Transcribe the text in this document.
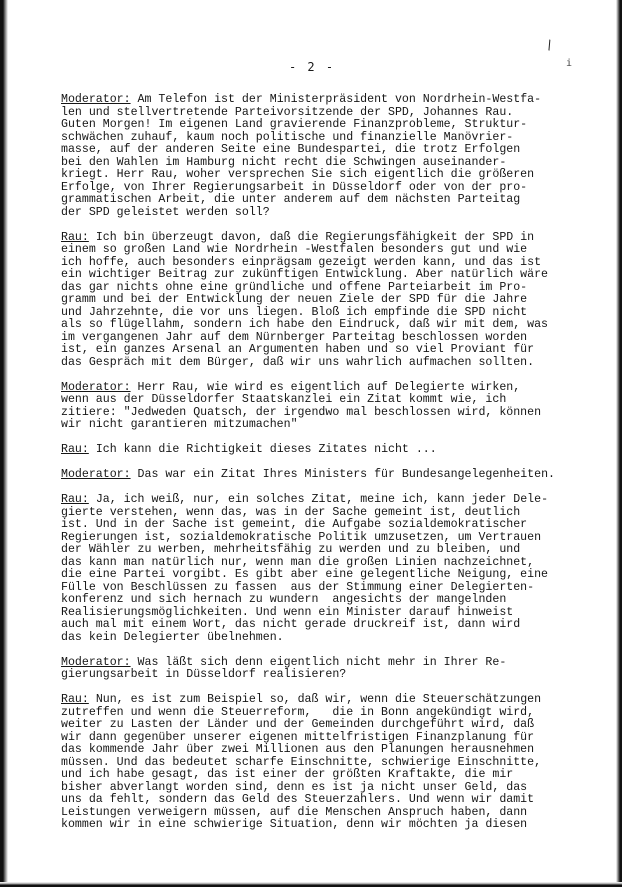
\
i
- 2 -
Moderator: Am Telefon ist der Ministerpräsident von Nordrhein-Westfa-
len und stellvertretende Parteivorsitzende der SPD, Johannes Rau.
Guten Morgen! Im eigenen Land gravierende Finanzprobleme, Struktur-
schwächen zuhauf, kaum noch politische und finanzielle Manövrier-
masse, auf der anderen Seite eine Bundespartei, die trotz Erfolgen
bei den Wahlen im Hamburg nicht recht die Schwingen auseinander-
kriegt. Herr Rau, woher versprechen Sie sich eigentlich die größeren
Erfolge, von Ihrer Regierungsarbeit in Düsseldorf oder von der pro-
grammatischen Arbeit, die unter anderem auf dem nächsten Parteitag
der SPD geleistet werden soll?
Rau: Ich bin überzeugt davon, daß die Regierungsfähigkeit der SPD in
einem so großen Land wie Nordrhein -Westfalen besonders gut und wie
ich hoffe, auch besonders einprägsam gezeigt werden kann, und das ist
ein wichtiger Beitrag zur zukünftigen Entwicklung. Aber natürlich wäre
das gar nichts ohne eine gründliche und offene Parteiarbeit im Pro-
gramm und bei der Entwicklung der neuen Ziele der SPD für die Jahre
und Jahrzehnte, die vor uns liegen. Bloß ich empfinde die SPD nicht
als so flügellahm, sondern ich habe den Eindruck, daß wir mit dem, was
im vergangenen Jahr auf dem Nürnberger Parteitag beschlossen worden
ist, ein ganzes Arsenal an Argumenten haben und so viel Proviant für
das Gespräch mit dem Bürger, daß wir uns wahrlich aufmachen sollten.
Moderator: Herr Rau, wie wird es eigentlich auf Delegierte wirken,
wenn aus der Düsseldorfer Staatskanzlei ein Zitat kommt wie, ich
zitiere: "Jedweden Quatsch, der irgendwo mal beschlossen wird, können
wir nicht garantieren mitzumachen"
Rau: Ich kann die Richtigkeit dieses Zitates nicht ...
Moderator: Das war ein Zitat Ihres Ministers für Bundesangelegenheiten.
Rau: Ja, ich weiß, nur, ein solches Zitat, meine ich, kann jeder Dele-
gierte verstehen, wenn das, was in der Sache gemeint ist, deutlich
ist. Und in der Sache ist gemeint, die Aufgabe sozialdemokratischer
Regierungen ist, sozialdemokratische Politik umzusetzen, um Vertrauen
der Wähler zu werben, mehrheitsfähig zu werden und zu bleiben, und
das kann man natürlich nur, wenn man die großen Linien nachzeichnet,
die eine Partei vorgibt. Es gibt aber eine gelegentliche Neigung, eine
Fülle von Beschlüssen zu fassen  aus der Stimmung einer Delegierten-
konferenz und sich hernach zu wundern  angesichts der mangelnden
Realisierungsmöglichkeiten. Und wenn ein Minister darauf hinweist
auch mal mit einem Wort, das nicht gerade druckreif ist, dann wird
das kein Delegierter übelnehmen.
Moderator: Was läßt sich denn eigentlich nicht mehr in Ihrer Re-
gierungsarbeit in Düsseldorf realisieren?
Rau: Nun, es ist zum Beispiel so, daß wir, wenn die Steuerschätzungen
zutreffen und wenn die Steuerreform,   die in Bonn angekündigt wird,
weiter zu Lasten der Länder und der Gemeinden durchgeführt wird, daß
wir dann gegenüber unserer eigenen mittelfristigen Finanzplanung für
das kommende Jahr über zwei Millionen aus den Planungen herausnehmen
müssen. Und das bedeutet scharfe Einschnitte, schwierige Einschnitte,
und ich habe gesagt, das ist einer der größten Kraftakte, die mir
bisher abverlangt worden sind, denn es ist ja nicht unser Geld, das
uns da fehlt, sondern das Geld des Steuerzahlers. Und wenn wir damit
Leistungen verweigern müssen, auf die Menschen Anspruch haben, dann
kommen wir in eine schwierige Situation, denn wir möchten ja diesen
